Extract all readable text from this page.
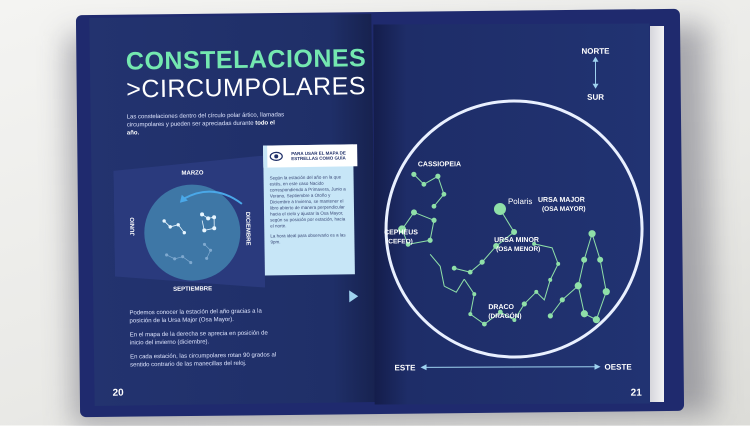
CONSTELACIONES
>CIRCUMPOLARES
Las constelaciones dentro del círculo polar ártico, llamadas circumpolares y pueden ser apreciadas durante todo el año.
MARZO
SEPTIEMBRE
JUNIO	DICIEMBRE

Podemos conocer la estación del año gracias a la posición de la Ursa Major (Osa Mayor).

En el mapa de la derecha se aprecia en posición de inicio del invierno (diciembre).

En cada estación, las circumpolares rotan 90 grados al sentido contrario de las manecillas del reloj.

PARA USAR EL MAPA DE ESTRELLAS COMO GUÍA

Según la estación del año en la que estés, en este caso Nacido correspondiendo a Primavera, Junio a Verano, Septiembre a Otoño y Diciembre a Invierno, se mantener el libro abierto de manera perpendicular hacia el cielo y ajustar la Osa Mayor, según su posición por estación, hacia el norte.

La hora ideal para observarlo es a las 9pm.

20
NORTE
SUR
CASSIOPEIA
Polaris URSA MAJOR
(OSA MAYOR)
URSA MINOR
(OSA MENOR)
CEPHEUS
(CEFEO)
DRACO
(DRAGÓN)
ESTE	OESTE
21
